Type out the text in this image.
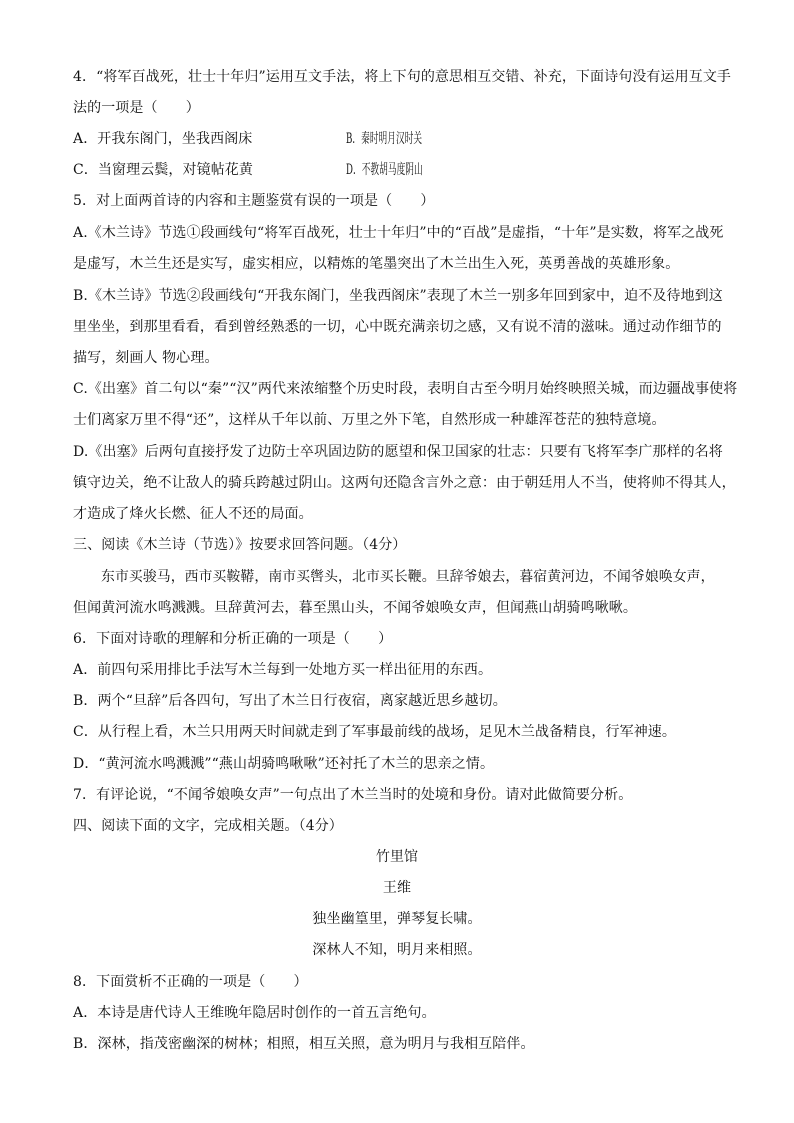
4．“将军百战死，壮士十年归”运用互文手法，将上下句的意思相互交错、补充，下面诗句没有运用互文手
法的一项是（　　）
A．开我东阁门，坐我西阁床	B．秦时明月汉时关
C．当窗理云鬓，对镜帖花黄	D．不教胡马度阴山
5．对上面两首诗的内容和主题鉴赏有误的一项是（　　）
A.《木兰诗》节选①段画线句“将军百战死，壮士十年归”中的“百战”是虚指，“十年”是实数，将军之战死
是虚写，木兰生还是实写，虚实相应，以精炼的笔墨突出了木兰出生入死，英勇善战的英雄形象。
B.《木兰诗》节选②段画线句“开我东阁门，坐我西阁床”表现了木兰一别多年回到家中，迫不及待地到这
里坐坐，到那里看看，看到曾经熟悉的一切，心中既充满亲切之感，又有说不清的滋味。通过动作细节的
描写，刻画人 物心理。
C.《出塞》首二句以“秦”“汉”两代来浓缩整个历史时段，表明自古至今明月始终映照关城，而边疆战事使将
士们离家万里不得“还”，这样从千年以前、万里之外下笔，自然形成一种雄浑苍茫的独特意境。
D.《出塞》后两句直接抒发了边防士卒巩固边防的愿望和保卫国家的壮志：只要有飞将军李广那样的名将
镇守边关，绝不让敌人的骑兵跨越过阴山。这两句还隐含言外之意：由于朝廷用人不当，使将帅不得其人，
才造成了烽火长燃、征人不还的局面。
三、阅读《木兰诗（节选）》按要求回答问题。（4分）
东市买骏马，西市买鞍鞯，南市买辔头，北市买长鞭。旦辞爷娘去，暮宿黄河边，不闻爷娘唤女声，
但闻黄河流水鸣溅溅。旦辞黄河去，暮至黑山头，不闻爷娘唤女声，但闻燕山胡骑鸣啾啾。
6．下面对诗歌的理解和分析正确的一项是（　　）
A．前四句采用排比手法写木兰每到一处地方买一样出征用的东西。
B．两个“旦辞”后各四句，写出了木兰日行夜宿，离家越近思乡越切。
C．从行程上看，木兰只用两天时间就走到了军事最前线的战场，足见木兰战备精良，行军神速。
D．“黄河流水鸣溅溅”“燕山胡骑鸣啾啾”还衬托了木兰的思亲之情。
7．有评论说，“不闻爷娘唤女声”一句点出了木兰当时的处境和身份。请对此做简要分析。
四、阅读下面的文字，完成相关题。（4分）
竹里馆
王维
独坐幽篁里，弹琴复长啸。
深林人不知，明月来相照。
8．下面赏析不正确的一项是（　　）
A．本诗是唐代诗人王维晚年隐居时创作的一首五言绝句。
B．深林，指茂密幽深的树林；相照，相互关照，意为明月与我相互陪伴。
